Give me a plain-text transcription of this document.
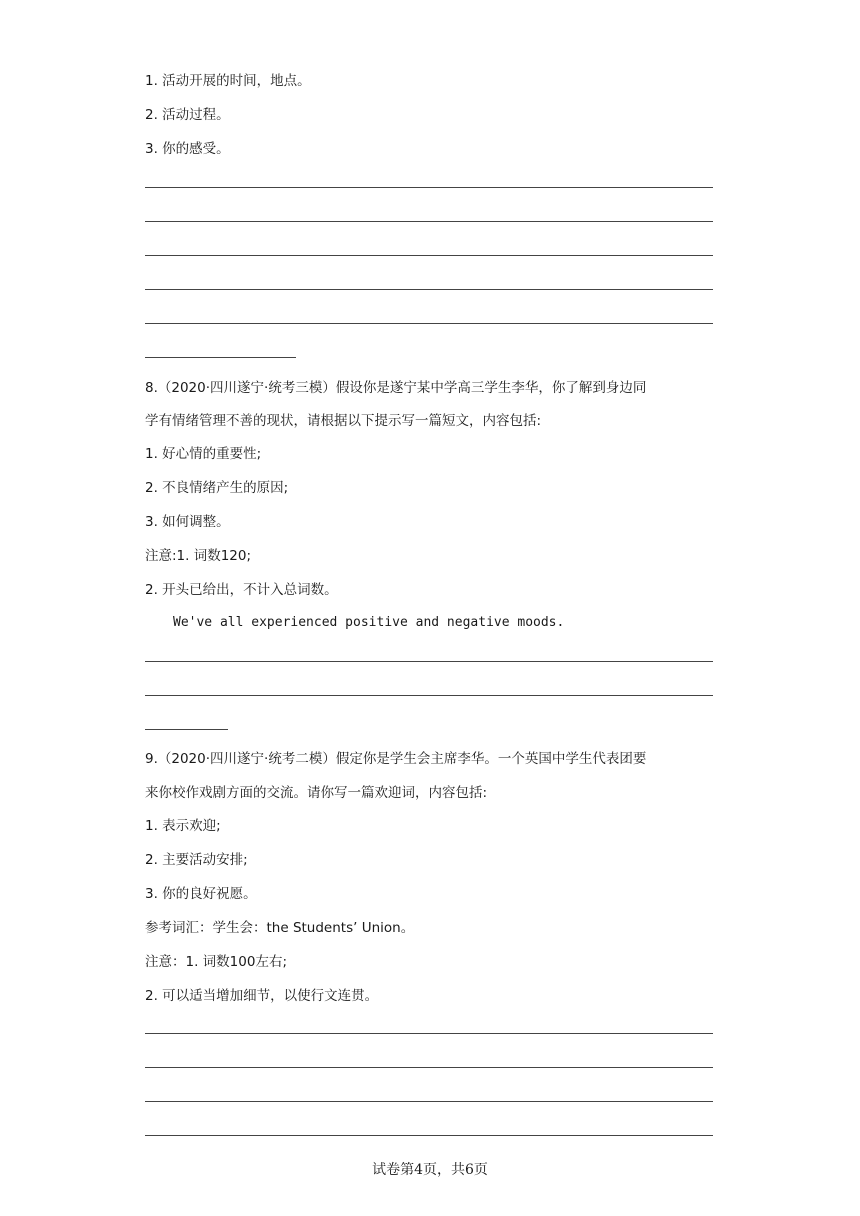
1. 活动开展的时间，地点。
2. 活动过程。
3. 你的感受。
8.（2020·四川遂宁·统考三模）假设你是遂宁某中学高三学生李华，你了解到身边同
学有情绪管理不善的现状，请根据以下提示写一篇短文，内容包括:
1. 好心情的重要性;
2. 不良情绪产生的原因;
3. 如何调整。
注意:1. 词数120;
2. 开头已给出，不计入总词数。
We've all experienced positive and negative moods.
9.（2020·四川遂宁·统考二模）假定你是学生会主席李华。一个英国中学生代表团要
来你校作戏剧方面的交流。请你写一篇欢迎词，内容包括:
1. 表示欢迎;
2. 主要活动安排;
3. 你的良好祝愿。
参考词汇：学生会：the Students’ Union。
注意：1. 词数100左右;
2. 可以适当增加细节，以使行文连贯。
试卷第4页，共6页
